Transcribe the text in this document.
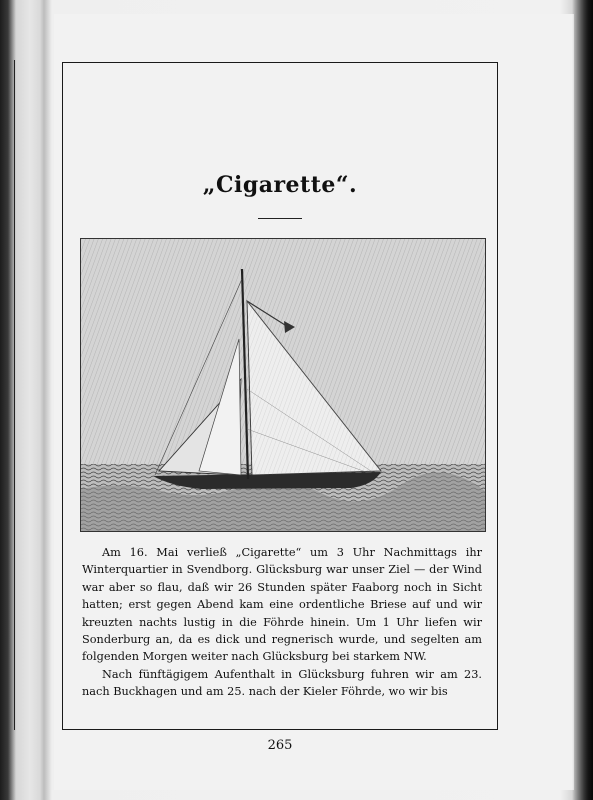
„Cigarette“.

Am 16. Mai verließ „Cigarette“ um 3 Uhr Nachmittags ihr Winterquartier in Svendborg. Glücksburg war unser Ziel — der Wind war aber so flau, daß wir 26 Stunden später Faaborg noch in Sicht hatten; erst gegen Abend kam eine ordentliche Briese auf und wir kreuzten nachts lustig in die Föhrde hinein. Um 1 Uhr liefen wir Sonderburg an, da es dick und regnerisch wurde, und segelten am folgenden Morgen weiter nach Glücksburg bei starkem NW.

Nach fünftägigem Aufenthalt in Glücksburg fuhren wir am 23. nach Buckhagen und am 25. nach der Kieler Föhrde, wo wir bis

265
